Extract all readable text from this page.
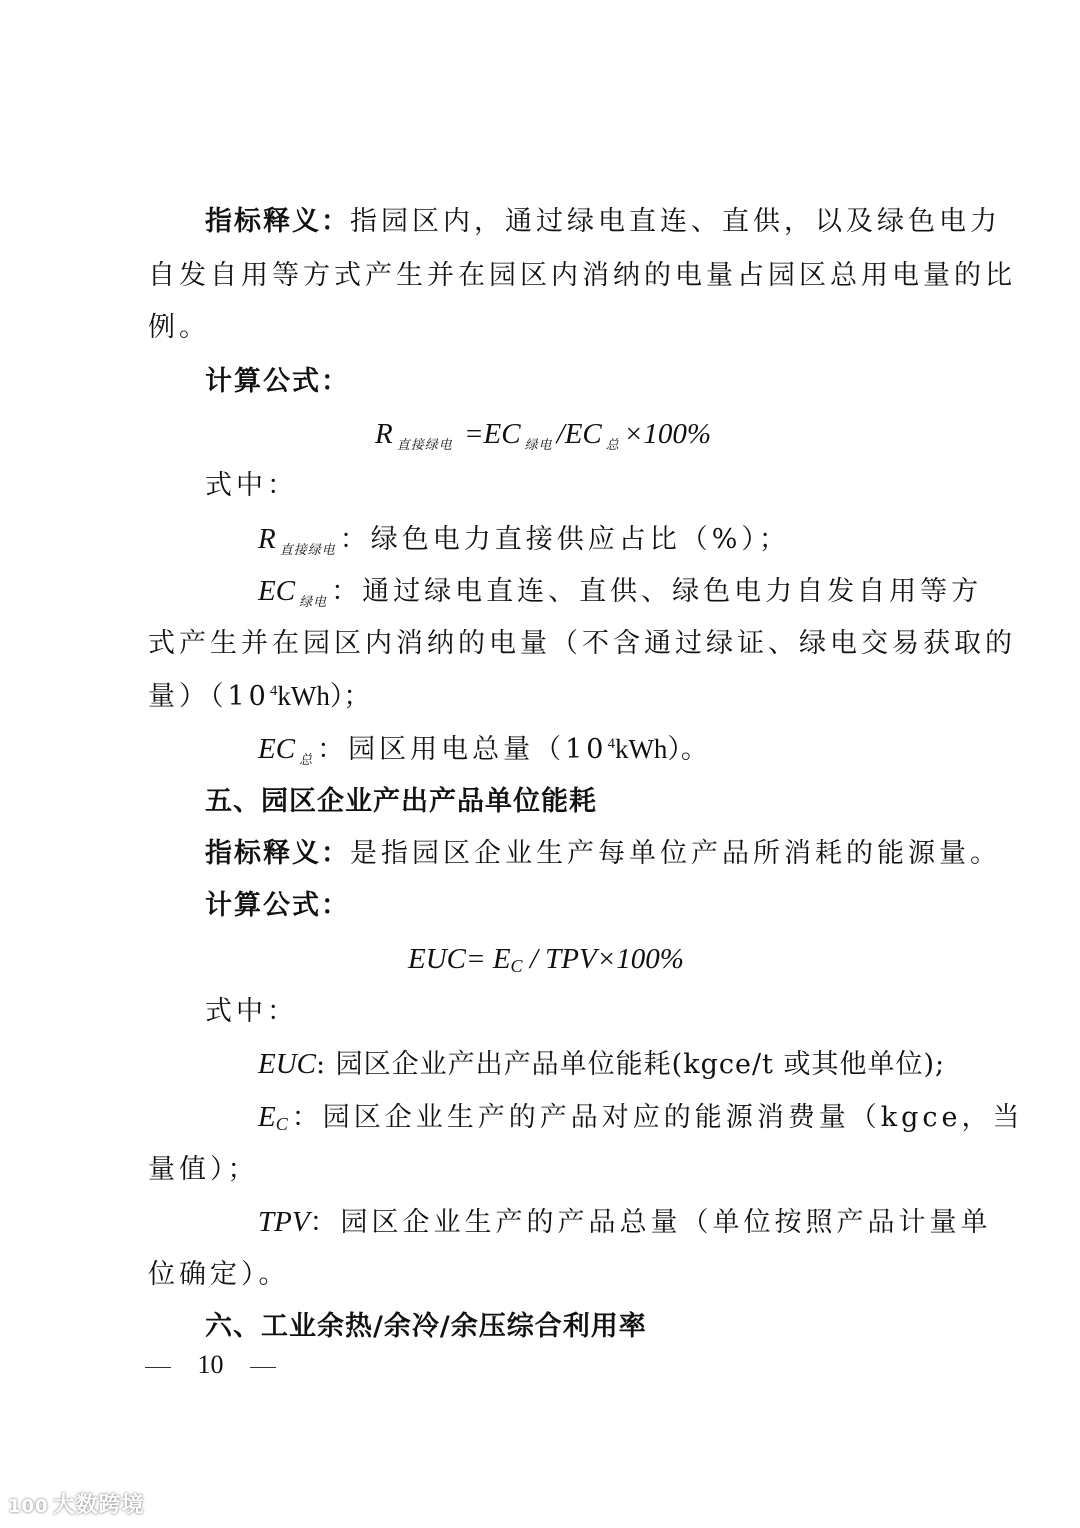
指标释义：指园区内，通过绿电直连、直供，以及绿色电力
自发自用等方式产生并在园区内消纳的电量占园区总用电量的比
例。
计算公式：
R $_{直接绿电}$ =EC $_{绿电}$ /EC $_总$ ×100%
式中：
R $_{直接绿电}$ ：绿色电力直接供应占比（%）；
EC $_{绿电}$ ：通过绿电直连、直供、绿色电力自发自用等方
式产生并在园区内消纳的电量（不含通过绿证、绿电交易获取的
量）$(10^4kWh)$；
EC $_总$ ：园区用电总量$(10^4kWh)$。
五、园区企业产出产品单位能耗
指标释义：是指园区企业生产每单位产品所消耗的能源量。
计算公式：
EUC= EC / TPV×100%
式中：
EUC: 园区企业产出产品单位能耗(kgce/t 或其他单位);
EC：园区企业生产的产品对应的能源消费量（kgce，当
量值）；
TPV：园区企业生产的产品总量（单位按照产品计量单
位确定）。
六、工业余热/余冷/余压综合利用率
10
100 大数跨境
